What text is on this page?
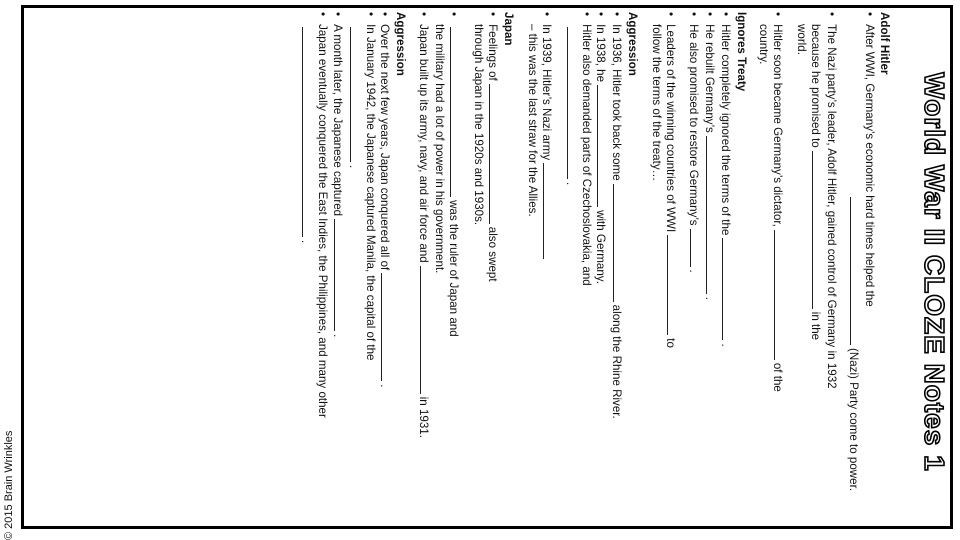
© 2015 Brain Wrinkles
World War II CLOZE Notes 1
Adolf Hitler
•After WWI, Germany’s economic hard times helped the
(Nazi) Party come to power.
•The Nazi party’s leader, Adolf Hitler, gained control of Germany in 1932
because he promised toin the
world.
•Hitler soon became Germany’s dictator,of the
country.
Ignores Treaty
•Hitler completely ignored the terms of the.
•He rebuilt Germany’s.
•He also promised to restore Germany’s.
•Leaders of the winning countries of WWIto
follow the terms of the treaty…
Aggression
•In 1936, Hitler took back somealong the Rhine River.
•In 1938, hewith Germany.
•Hitler also demanded parts of Czechoslovakia, and
.
•In 1939, Hitler’s Nazi army
– this was the last straw for the Allies.
Japan
•Feelings ofalso swept
through Japan in the 1920s and 1930s.
•was the ruler of Japan and
the military had a lot of power in his government.
•Japan built up its army, navy, and air force andin 1931.
Aggression
•Over the next few years, Japan conquered all of.
•In January 1942, the Japanese captured Manila, the capital of the
.
•A month later, the Japanese captured.
•Japan eventually conquered the East Indies, the Philippines, and many other
.
